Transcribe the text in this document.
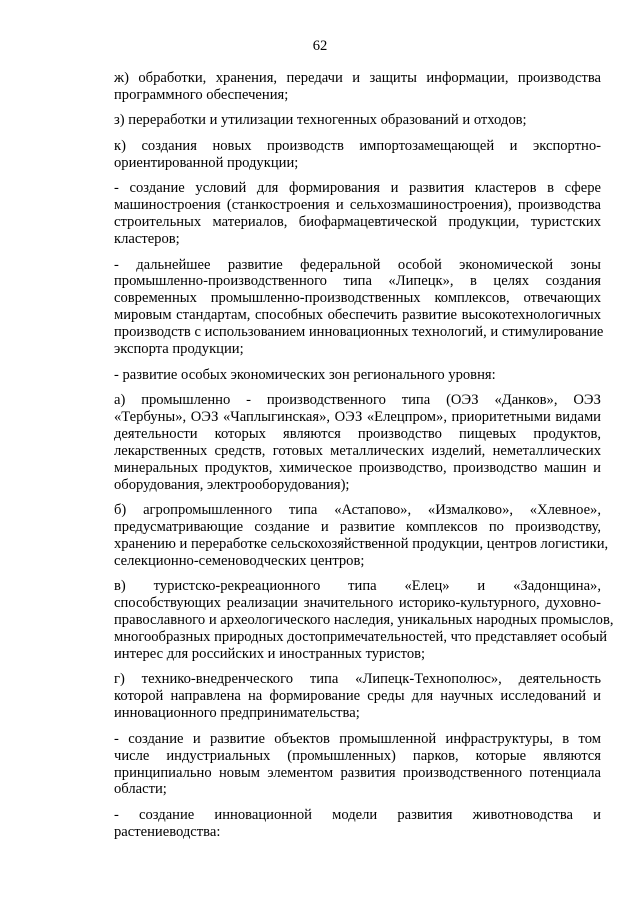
62

ж) обработки, хранения, передачи и защиты информации, производства
программного обеспечения;

з) переработки и утилизации техногенных образований и отходов;

к) создания новых производств импортозамещающей и экспортно-
ориентированной продукции;

- создание условий для формирования и развития кластеров в сфере
машиностроения (станкостроения и сельхозмашиностроения), производства
строительных материалов, биофармацевтической продукции, туристских
кластеров;

- дальнейшее развитие федеральной особой экономической зоны
промышленно-производственного типа «Липецк», в целях создания
современных промышленно-производственных комплексов, отвечающих
мировым стандартам, способных обеспечить развитие высокотехнологичных
производств с использованием инновационных технологий, и стимулирование
экспорта продукции;

- развитие особых экономических зон регионального уровня:

а) промышленно - производственного типа (ОЭЗ «Данков», ОЭЗ
«Тербуны», ОЭЗ «Чаплыгинская», ОЭЗ «Елецпром», приоритетными видами
деятельности которых являются производство пищевых продуктов,
лекарственных средств, готовых металлических изделий, неметаллических
минеральных продуктов, химическое производство, производство машин и
оборудования, электрооборудования);

б) агропромышленного типа «Астапово», «Измалково», «Хлевное»,
предусматривающие создание и развитие комплексов по производству,
хранению и переработке сельскохозяйственной продукции, центров логистики,
селекционно-семеноводческих центров;

в) туристско-рекреационного типа «Елец» и «Задонщина»,
способствующих реализации значительного историко-культурного, духовно-
православного и археологического наследия, уникальных народных промыслов,
многообразных природных достопримечательностей, что представляет особый
интерес для российских и иностранных туристов;

г) технико-внедренческого типа «Липецк-Технополюс», деятельность
которой направлена на формирование среды для научных исследований и
инновационного предпринимательства;

- создание и развитие объектов промышленной инфраструктуры, в том
числе индустриальных (промышленных) парков, которые являются
принципиально новым элементом развития производственного потенциала
области;

- создание инновационной модели развития животноводства и
растениеводства:
